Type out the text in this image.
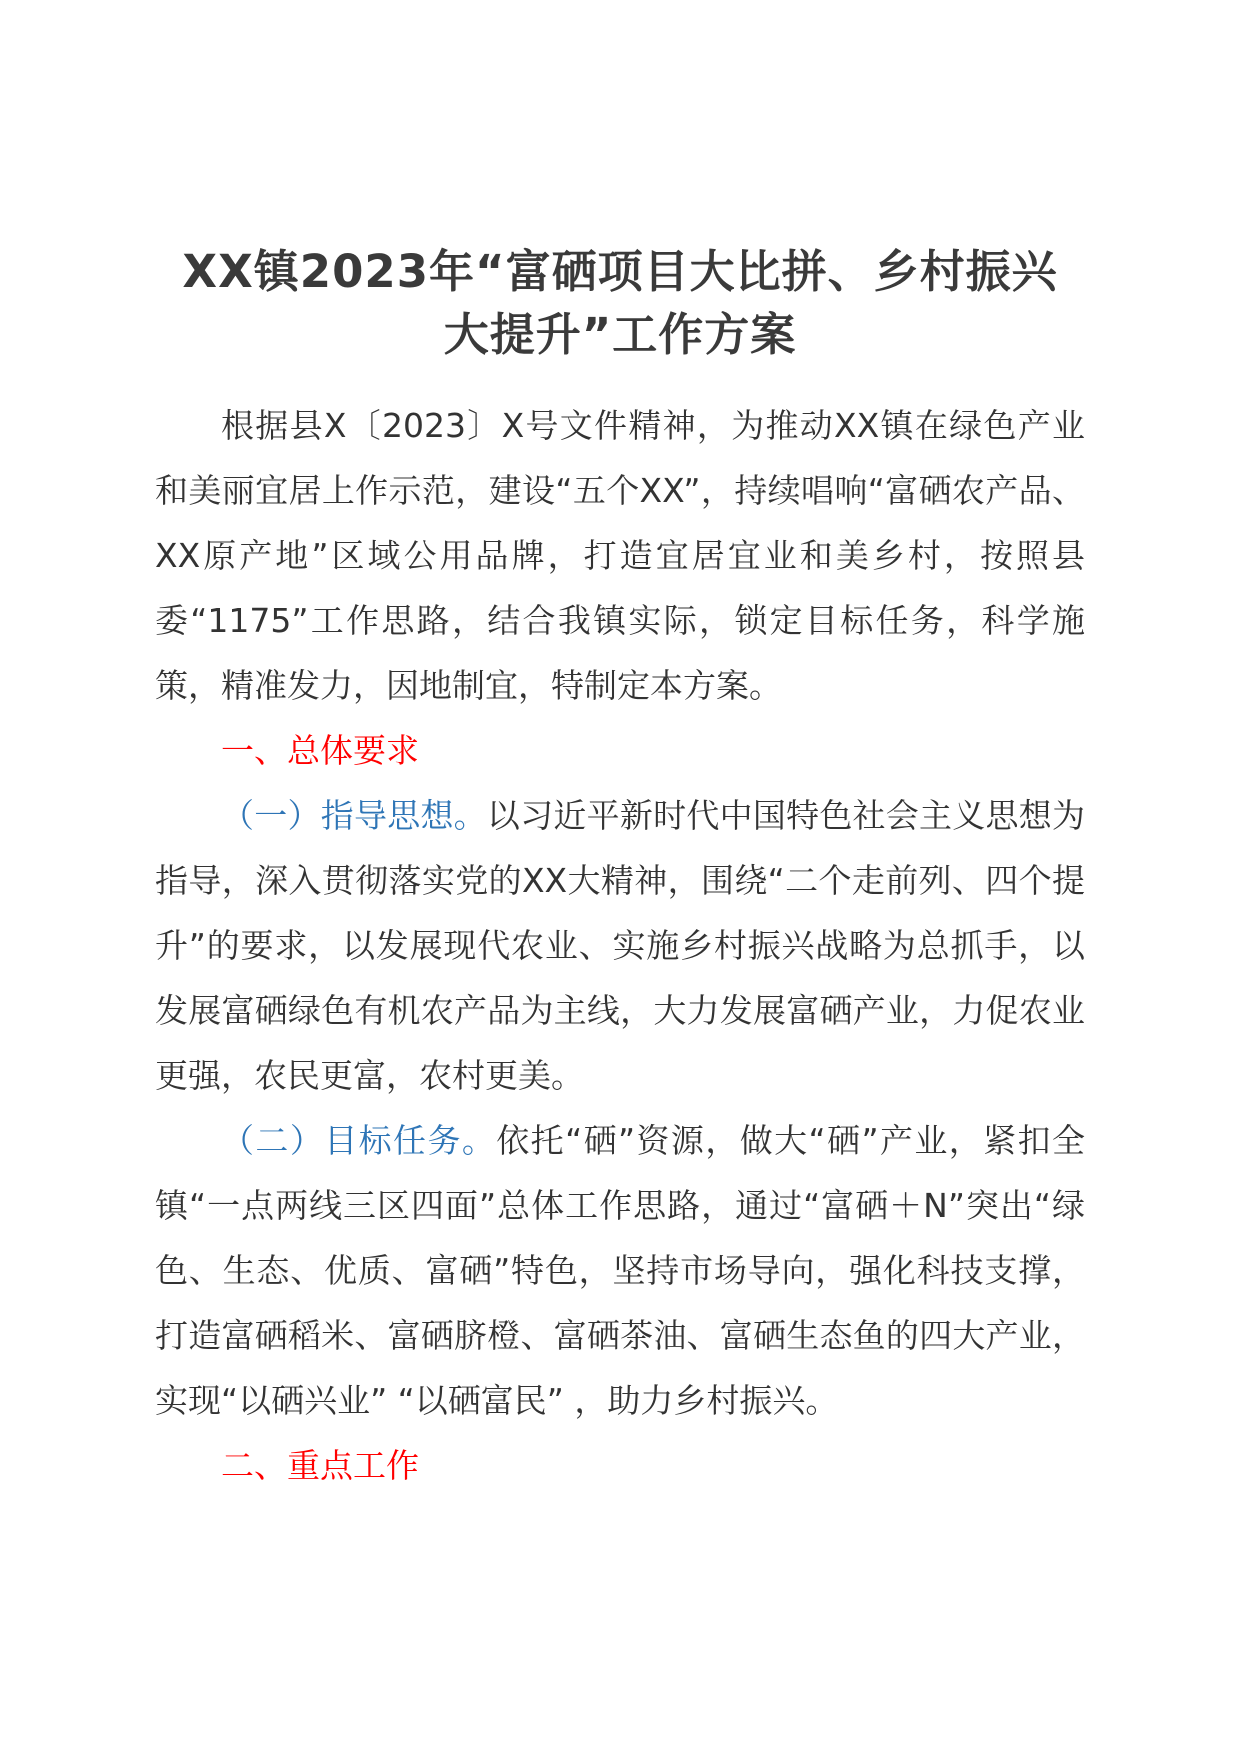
XX镇2023年“富硒项目大比拼、乡村振兴
大提升”工作方案

根据县X〔2023〕X号文件精神，为推动XX镇在绿色产业和美丽宜居上作示范，建设“五个XX”，持续唱响“富硒农产品、XX原产地”区域公用品牌，打造宜居宜业和美乡村，按照县委“1175”工作思路，结合我镇实际，锁定目标任务，科学施策，精准发力，因地制宜，特制定本方案。

一、总体要求

（一）指导思想。以习近平新时代中国特色社会主义思想为指导，深入贯彻落实党的XX大精神，围绕“二个走前列、四个提升”的要求，以发展现代农业、实施乡村振兴战略为总抓手，以发展富硒绿色有机农产品为主线，大力发展富硒产业，力促农业更强，农民更富，农村更美。

（二）目标任务。依托“硒”资源，做大“硒”产业，紧扣全镇“一点两线三区四面”总体工作思路，通过“富硒＋N”突出“绿色、生态、优质、富硒”特色，坚持市场导向，强化科技支撑，打造富硒稻米、富硒脐橙、富硒茶油、富硒生态鱼的四大产业，实现“以硒兴业” “以硒富民” ，助力乡村振兴。

二、重点工作
